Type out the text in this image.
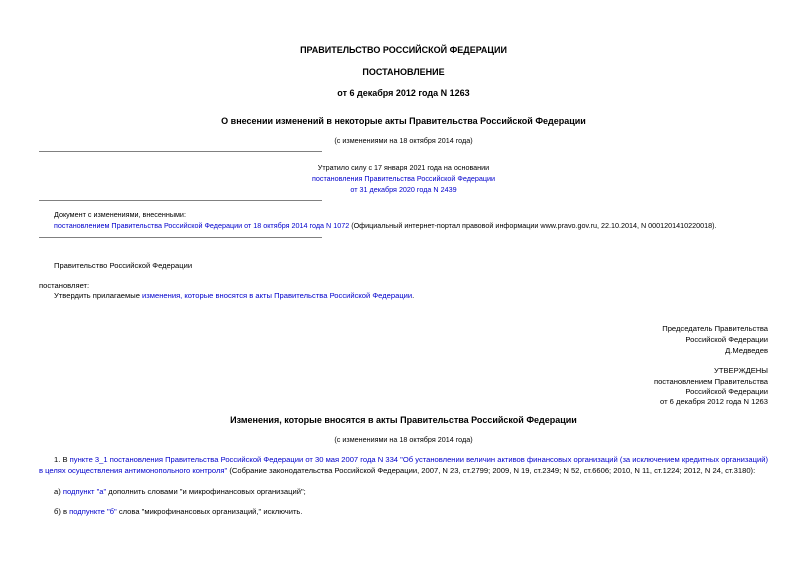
ПРАВИТЕЛЬСТВО РОССИЙСКОЙ ФЕДЕРАЦИИ
ПОСТАНОВЛЕНИЕ
от 6 декабря 2012 года N 1263
О внесении изменений в некоторые акты Правительства Российской Федерации
(с изменениями на 18 октября 2014 года)
Утратило силу с 17 января 2021 года на основании
постановления Правительства Российской Федерации
от 31 декабря 2020 года N 2439
Документ с изменениями, внесенными:
постановлением Правительства Российской Федерации от 18 октября 2014 года N 1072 (Официальный интернет-портал правовой информации www.pravo.gov.ru, 22.10.2014, N 0001201410220018).
Правительство Российской Федерации
постановляет:
Утвердить прилагаемые изменения, которые вносятся в акты Правительства Российской Федерации.
Председатель Правительства
Российской Федерации
Д.Медведев
УТВЕРЖДЕНЫ
постановлением Правительства
Российской Федерации
от 6 декабря 2012 года N 1263
Изменения, которые вносятся в акты Правительства Российской Федерации
(с изменениями на 18 октября 2014 года)
1. В пункте 3_1 постановления Правительства Российской Федерации от 30 мая 2007 года N 334 "Об установлении величин активов финансовых организаций (за исключением кредитных организаций) в целях осуществления антимонопольного контроля" (Собрание законодательства Российской Федерации, 2007, N 23, ст.2799; 2009, N 19, ст.2349; N 52, ст.6606; 2010, N 11, ст.1224; 2012, N 24, ст.3180):
а) подпункт "а" дополнить словами "и микрофинансовых организаций";
б) в подпункте "б" слова "микрофинансовых организаций," исключить.
